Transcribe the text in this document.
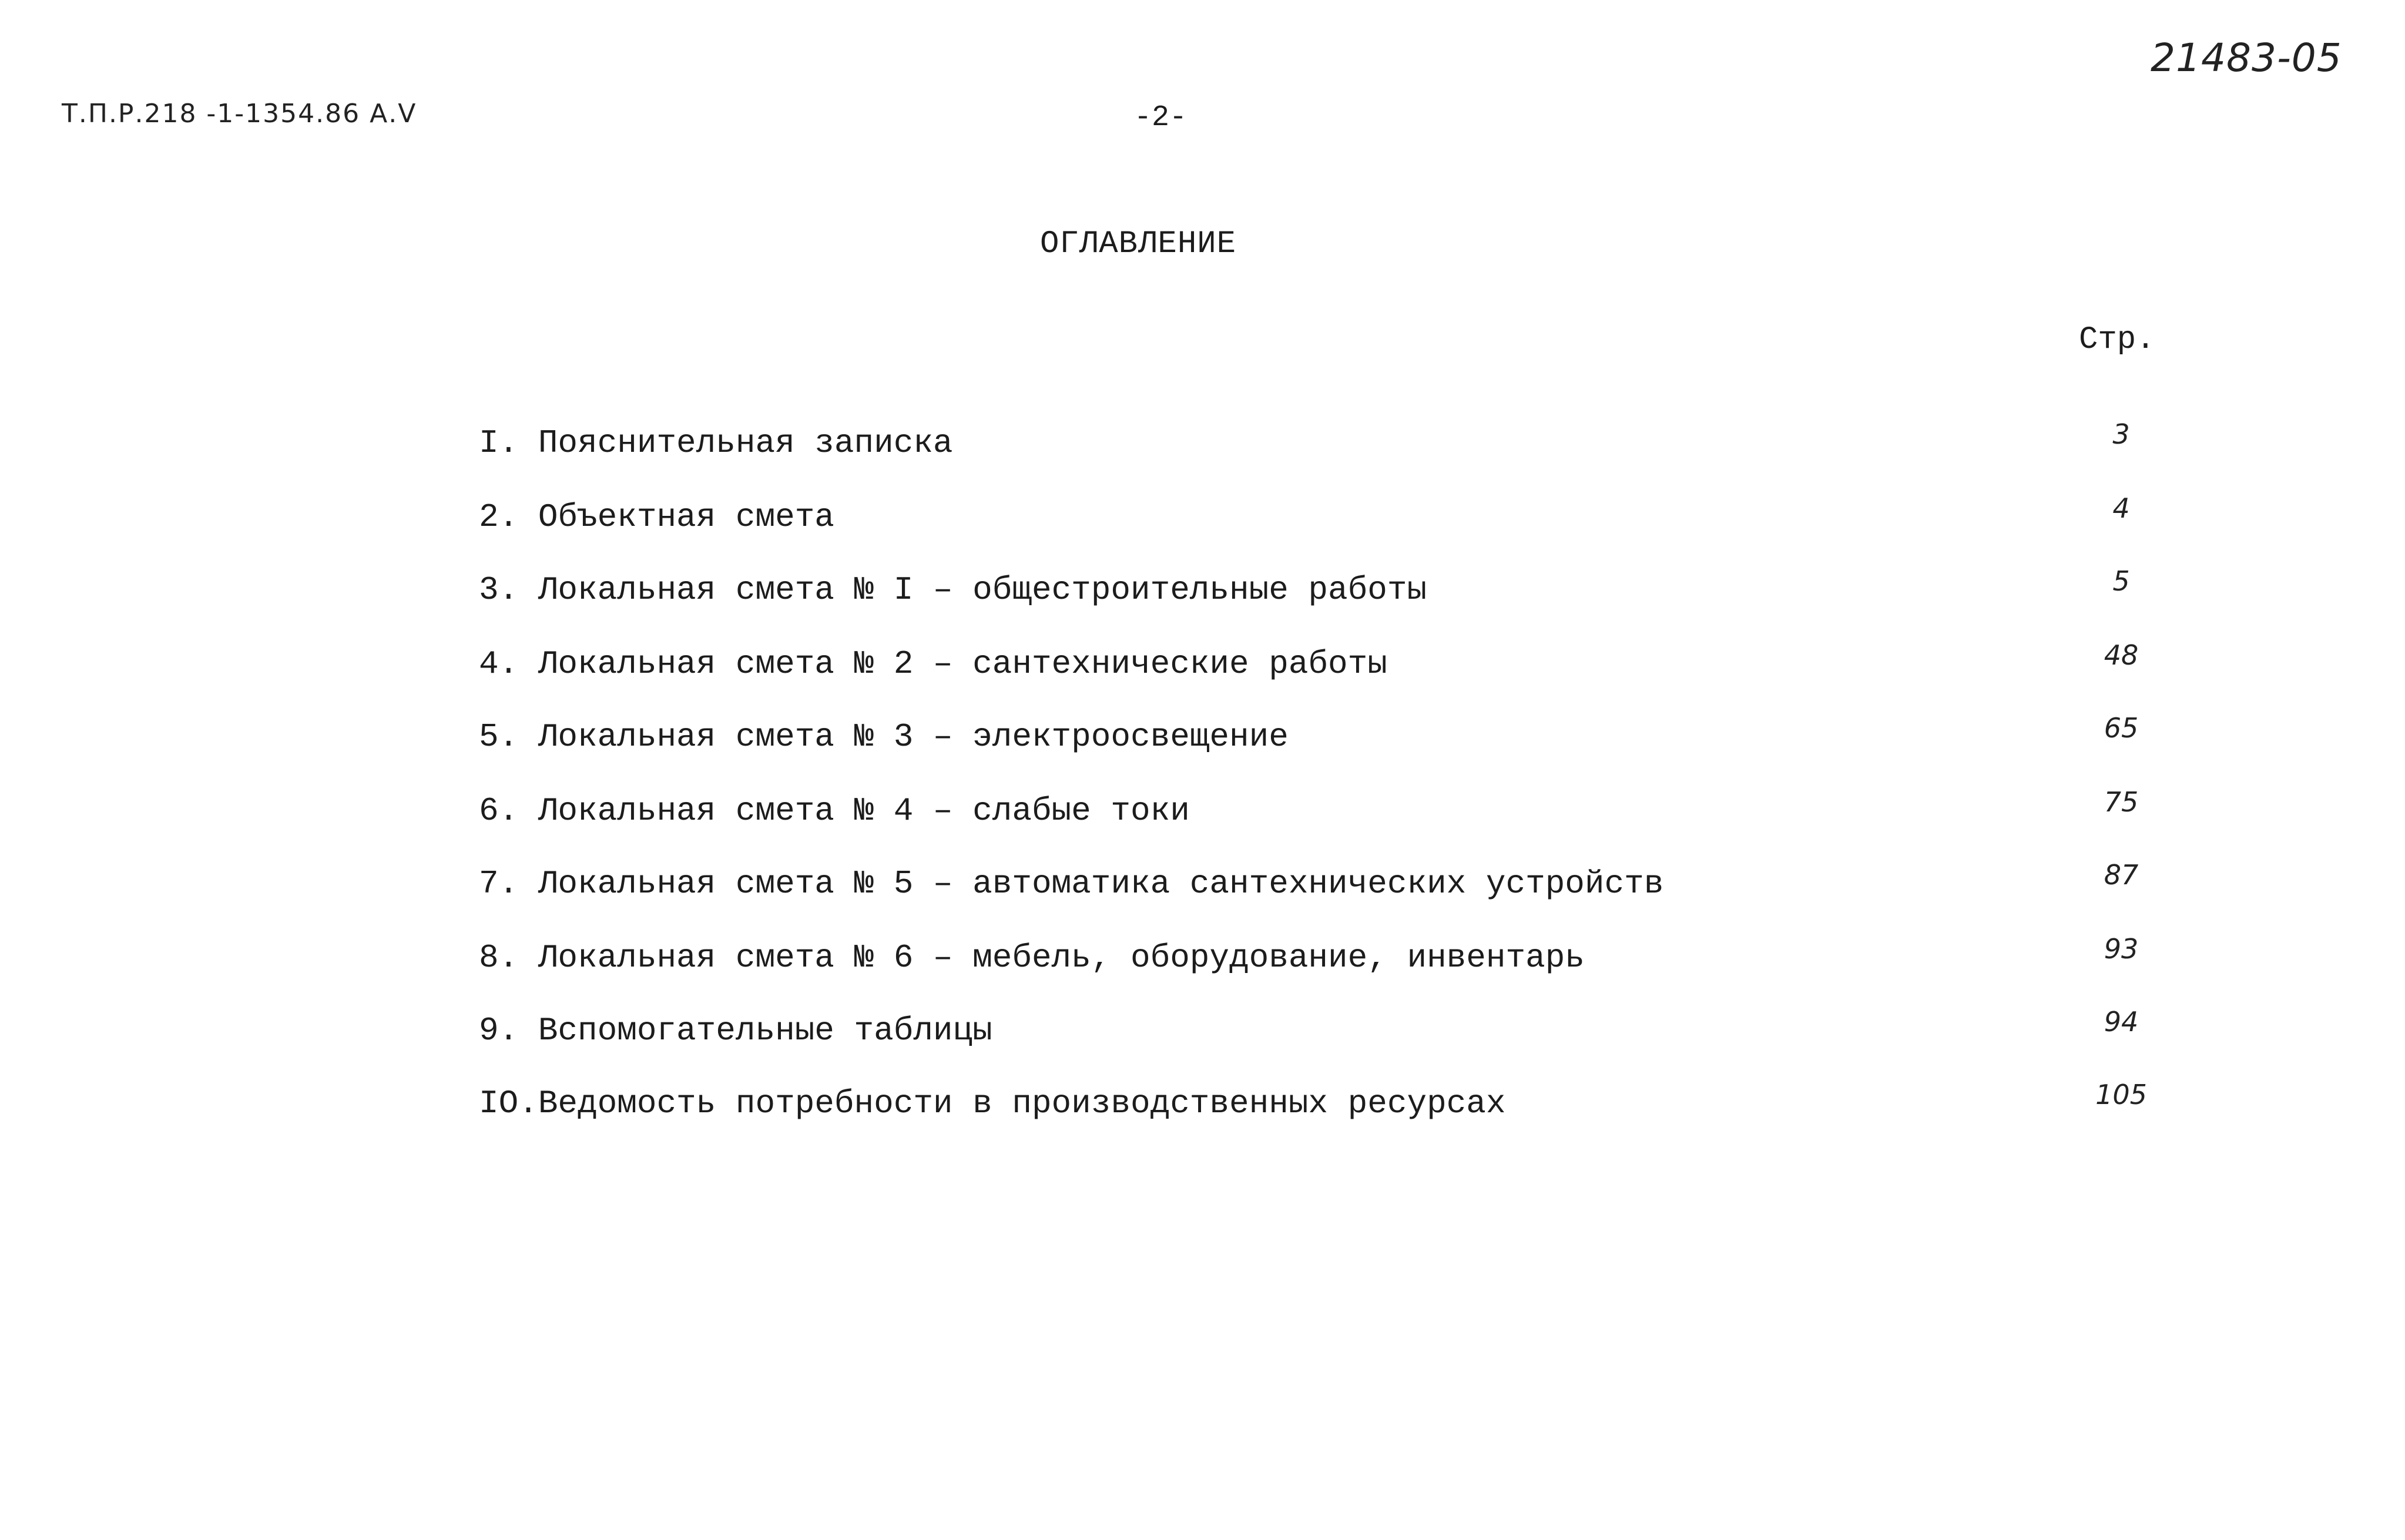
Т.П.Р.218 -1-1354.86 А.V
21483-05
-2-
ОГЛАВЛЕНИЕ
Стр.
I. Пояснительная записка	3
2. Объектная смета	4
3. Локальная смета № I – общестроительные работы	5
4. Локальная смета № 2 – сантехнические работы	48
5. Локальная смета № 3 – электроосвещение	65
6. Локальная смета № 4 – слабые токи	75
7. Локальная смета № 5 – автоматика сантехнических устройств	87
8. Локальная смета № 6 – мебель, оборудование, инвентарь	93
9. Вспомогательные таблицы	94
IO.Ведомость потребности в производственных ресурсах	105
